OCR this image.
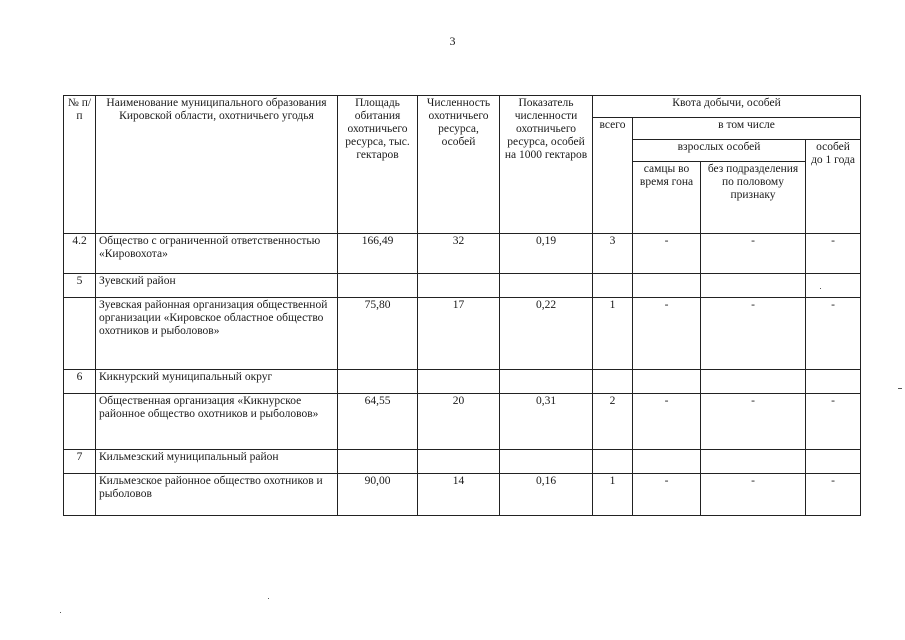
3
№ п/п	Наименование муниципального образования Кировской области, охотничьего угодья	Площадь обитания охотничьего ресурса, тыс. гектаров	Численность охотничьего ресурса, особей	Показатель численности охотничьего ресурса, особей на 1000 гектаров	Квота добычи, особей			
					всего	в том числе		
						взрослых особей		особей до 1 года
						самцы во время гона	без подразделения по половому признаку	
4.2	Общество с ограниченной ответственностью «Кировохота»	166,49	32	0,19	3	-	-	-
5	Зуевский район							
	Зуевская районная организация общественной организации «Кировское областное общество охотников и рыболовов»	75,80	17	0,22	1	-	-	-
6	Кикнурский муниципальный округ							
	Общественная организация «Кикнурское районное общество охотников и рыболовов»	64,55	20	0,31	2	-	-	-
7	Кильмезский муниципальный район							
	Кильмезское районное общество охотников и рыболовов	90,00	14	0,16	1	-	-	-
